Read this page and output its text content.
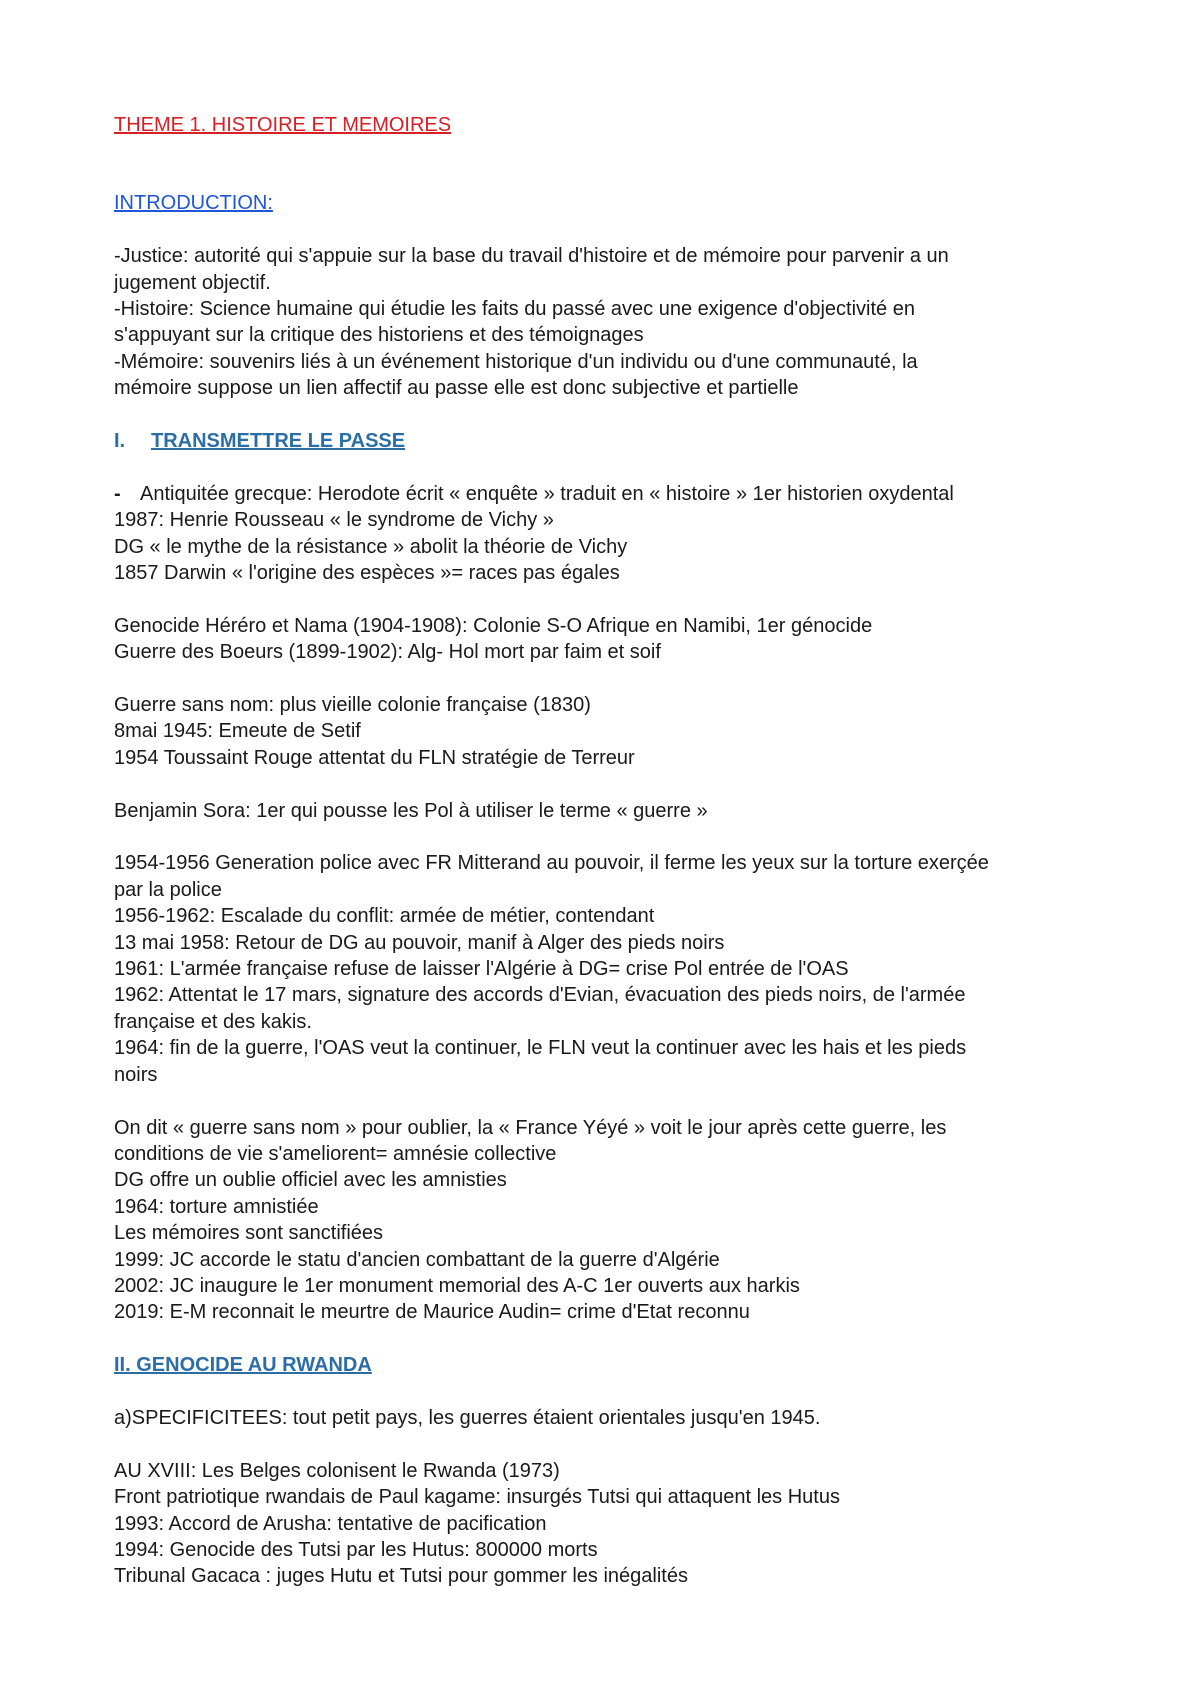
THEME 1. HISTOIRE ET MEMOIRES
INTRODUCTION:
-Justice: autorité qui s'appuie sur la base du travail d'histoire et de mémoire pour parvenir a un
jugement objectif.
-Histoire: Science humaine qui étudie les faits du passé avec une exigence d'objectivité en
s'appuyant sur la critique des historiens et des témoignages
-Mémoire: souvenirs liés à un événement historique d'un individu ou d'une communauté, la
mémoire suppose un lien affectif au passe elle est donc subjective et partielle
I. TRANSMETTRE LE PASSE
- Antiquitée grecque: Herodote écrit « enquête » traduit en « histoire » 1er historien oxydental
1987: Henrie Rousseau « le syndrome de Vichy »
DG « le mythe de la résistance » abolit la théorie de Vichy
1857 Darwin « l'origine des espèces »= races pas égales
Genocide Héréro et Nama (1904-1908): Colonie S-O Afrique en Namibi, 1er génocide
Guerre des Boeurs (1899-1902): Alg- Hol mort par faim et soif
Guerre sans nom: plus vieille colonie française (1830)
8mai 1945: Emeute de Setif
1954 Toussaint Rouge attentat du FLN stratégie de Terreur
Benjamin Sora: 1er qui pousse les Pol à utiliser le terme « guerre »
1954-1956 Generation police avec FR Mitterand au pouvoir, il ferme les yeux sur la torture exerçée
par la police
1956-1962: Escalade du conflit: armée de métier, contendant
13 mai 1958: Retour de DG au pouvoir, manif à Alger des pieds noirs
1961: L'armée française refuse de laisser l'Algérie à DG= crise Pol entrée de l'OAS
1962: Attentat le 17 mars, signature des accords d'Evian, évacuation des pieds noirs, de l'armée
française et des kakis.
1964: fin de la guerre, l'OAS veut la continuer, le FLN veut la continuer avec les hais et les pieds
noirs
On dit « guerre sans nom » pour oublier, la « France Yéyé » voit le jour après cette guerre, les
conditions de vie s'ameliorent= amnésie collective
DG offre un oublie officiel avec les amnisties
1964: torture amnistiée
Les mémoires sont sanctifiées
1999: JC accorde le statu d'ancien combattant de la guerre d'Algérie
2002: JC inaugure le 1er monument memorial des A-C 1er ouverts aux harkis
2019: E-M reconnait le meurtre de Maurice Audin= crime d'Etat reconnu
II. GENOCIDE AU RWANDA
a)SPECIFICITEES: tout petit pays, les guerres étaient orientales jusqu'en 1945.
AU XVIII: Les Belges colonisent le Rwanda (1973)
Front patriotique rwandais de Paul kagame: insurgés Tutsi qui attaquent les Hutus
1993: Accord de Arusha: tentative de pacification
1994: Genocide des Tutsi par les Hutus: 800000 morts
Tribunal Gacaca : juges Hutu et Tutsi pour gommer les inégalités
